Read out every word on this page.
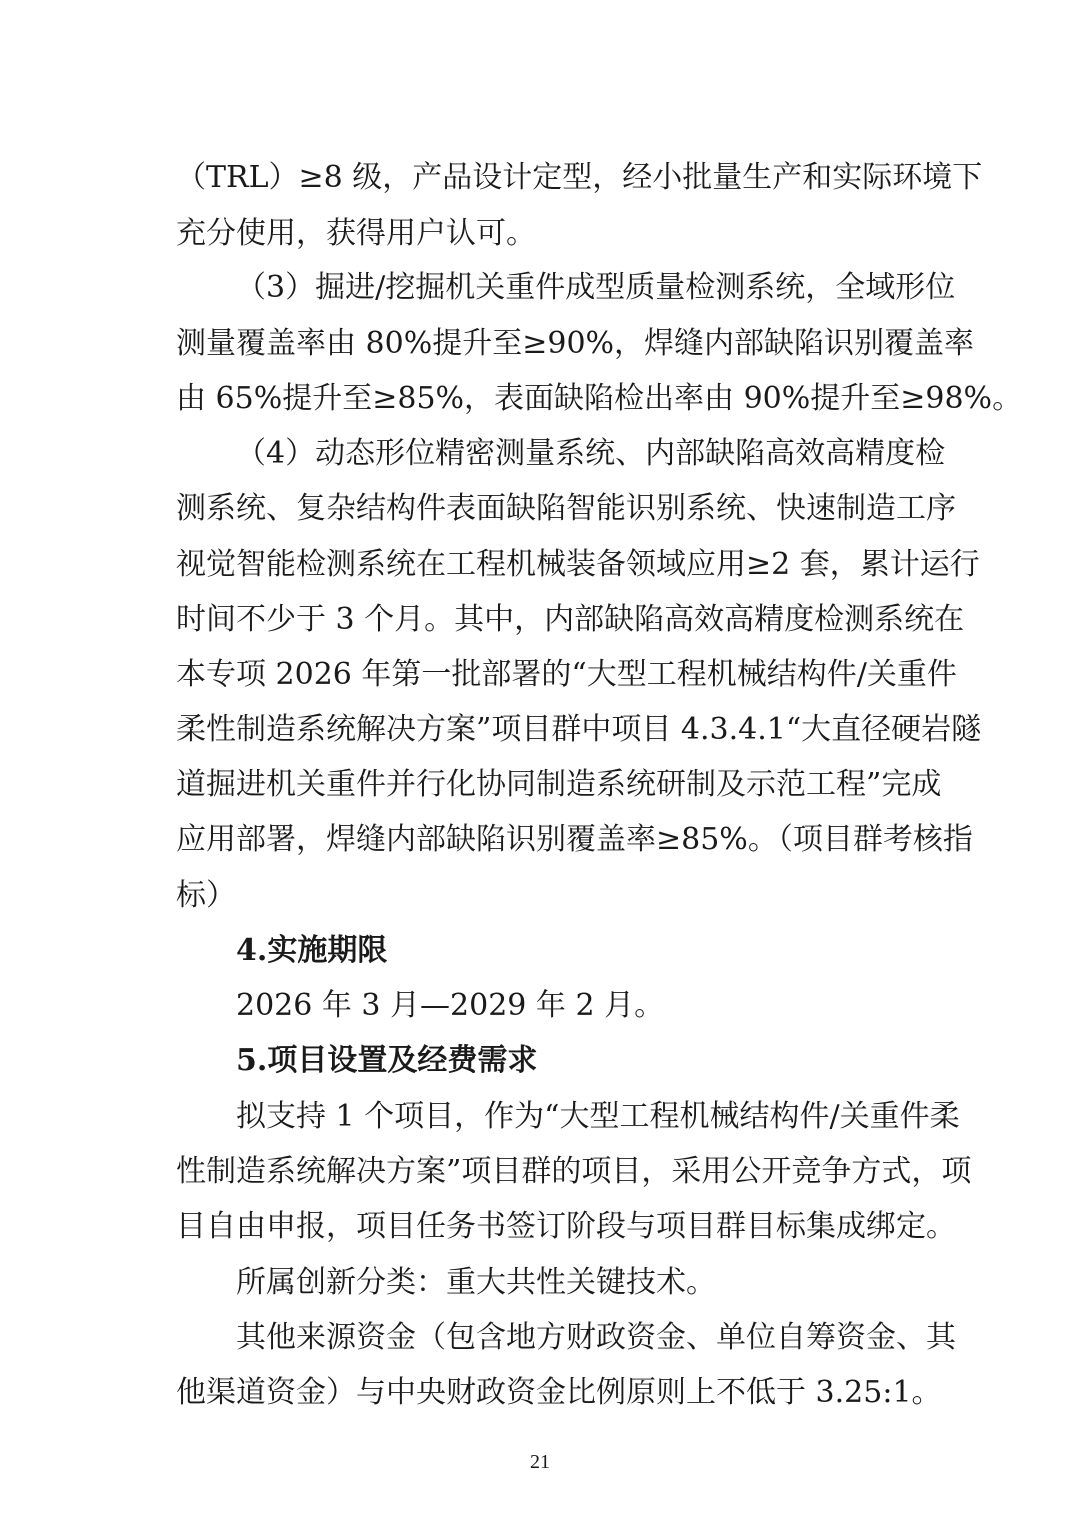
（TRL）≥8 级，产品设计定型，经小批量生产和实际环境下
充分使用，获得用户认可。
（3）掘进/挖掘机关重件成型质量检测系统，全域形位
测量覆盖率由 80%提升至≥90%，焊缝内部缺陷识别覆盖率
由 65%提升至≥85%，表面缺陷检出率由 90%提升至≥98%。
（4）动态形位精密测量系统、内部缺陷高效高精度检
测系统、复杂结构件表面缺陷智能识别系统、快速制造工序
视觉智能检测系统在工程机械装备领域应用≥2 套，累计运行
时间不少于 3 个月。其中，内部缺陷高效高精度检测系统在
本专项 2026 年第一批部署的“大型工程机械结构件/关重件
柔性制造系统解决方案”项目群中项目 4.3.4.1“大直径硬岩隧
道掘进机关重件并行化协同制造系统研制及示范工程”完成
应用部署，焊缝内部缺陷识别覆盖率≥85%。（项目群考核指
标）
4.实施期限
2026 年 3 月—2029 年 2 月。
5.项目设置及经费需求
拟支持 1 个项目，作为“大型工程机械结构件/关重件柔
性制造系统解决方案”项目群的项目，采用公开竞争方式，项
目自由申报，项目任务书签订阶段与项目群目标集成绑定。
所属创新分类：重大共性关键技术。
其他来源资金（包含地方财政资金、单位自筹资金、其
他渠道资金）与中央财政资金比例原则上不低于 3.25:1。
21
